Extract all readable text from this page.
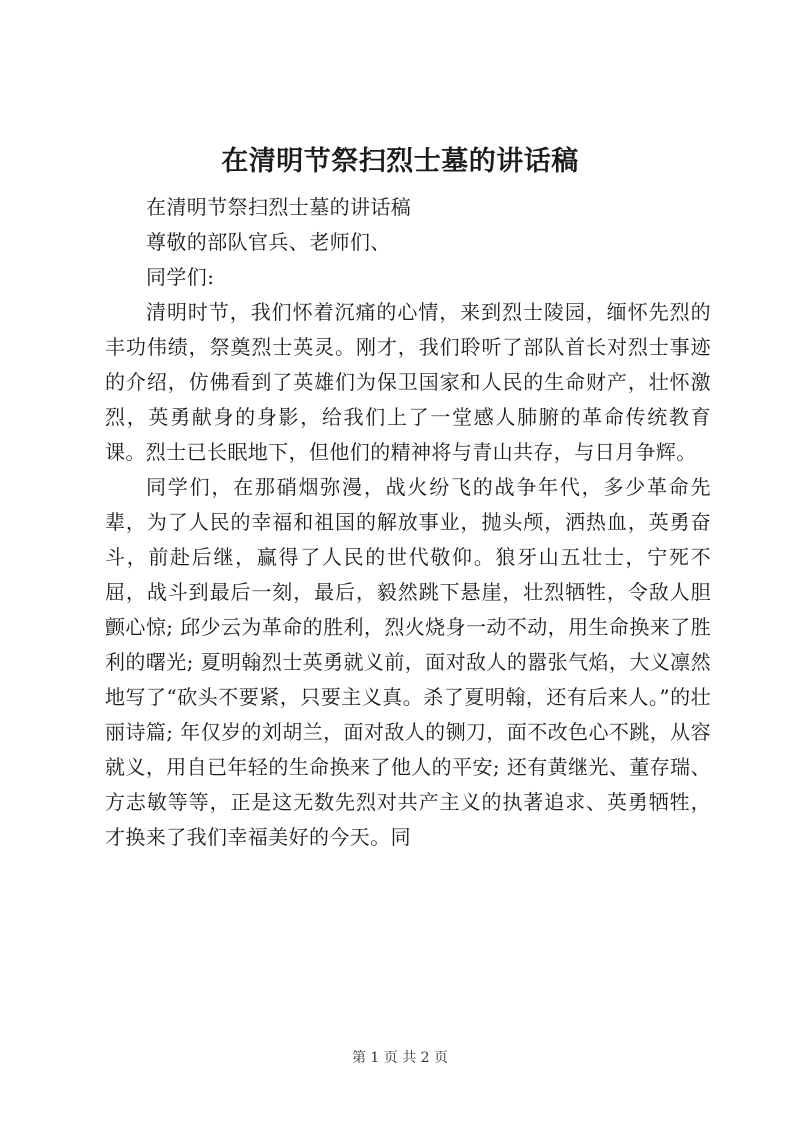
在清明节祭扫烈士墓的讲话稿

在清明节祭扫烈士墓的讲话稿

尊敬的部队官兵、老师们、

同学们:

清明时节，我们怀着沉痛的心情，来到烈士陵园，缅怀先烈的丰功伟绩，祭奠烈士英灵。刚才，我们聆听了部队首长对烈士事迹的介绍，仿佛看到了英雄们为保卫国家和人民的生命财产，壮怀激烈，英勇献身的身影，给我们上了一堂感人肺腑的革命传统教育课。烈士已长眠地下，但他们的精神将与青山共存，与日月争辉。

同学们，在那硝烟弥漫，战火纷飞的战争年代，多少革命先辈，为了人民的幸福和祖国的解放事业，抛头颅，洒热血，英勇奋斗，前赴后继，赢得了人民的世代敬仰。狼牙山五壮士，宁死不屈，战斗到最后一刻，最后，毅然跳下悬崖，壮烈牺牲，令敌人胆颤心惊; 邱少云为革命的胜利，烈火烧身一动不动，用生命换来了胜利的曙光; 夏明翰烈士英勇就义前，面对敌人的嚣张气焰，大义凛然地写了“砍头不要紧，只要主义真。杀了夏明翰，还有后来人。”的壮丽诗篇; 年仅岁的刘胡兰，面对敌人的铡刀，面不改色心不跳，从容就义，用自已年轻的生命换来了他人的平安; 还有黄继光、董存瑞、方志敏等等，正是这无数先烈对共产主义的执著追求、英勇牺牲，才换来了我们幸福美好的今天。同

第 1 页 共 2 页
